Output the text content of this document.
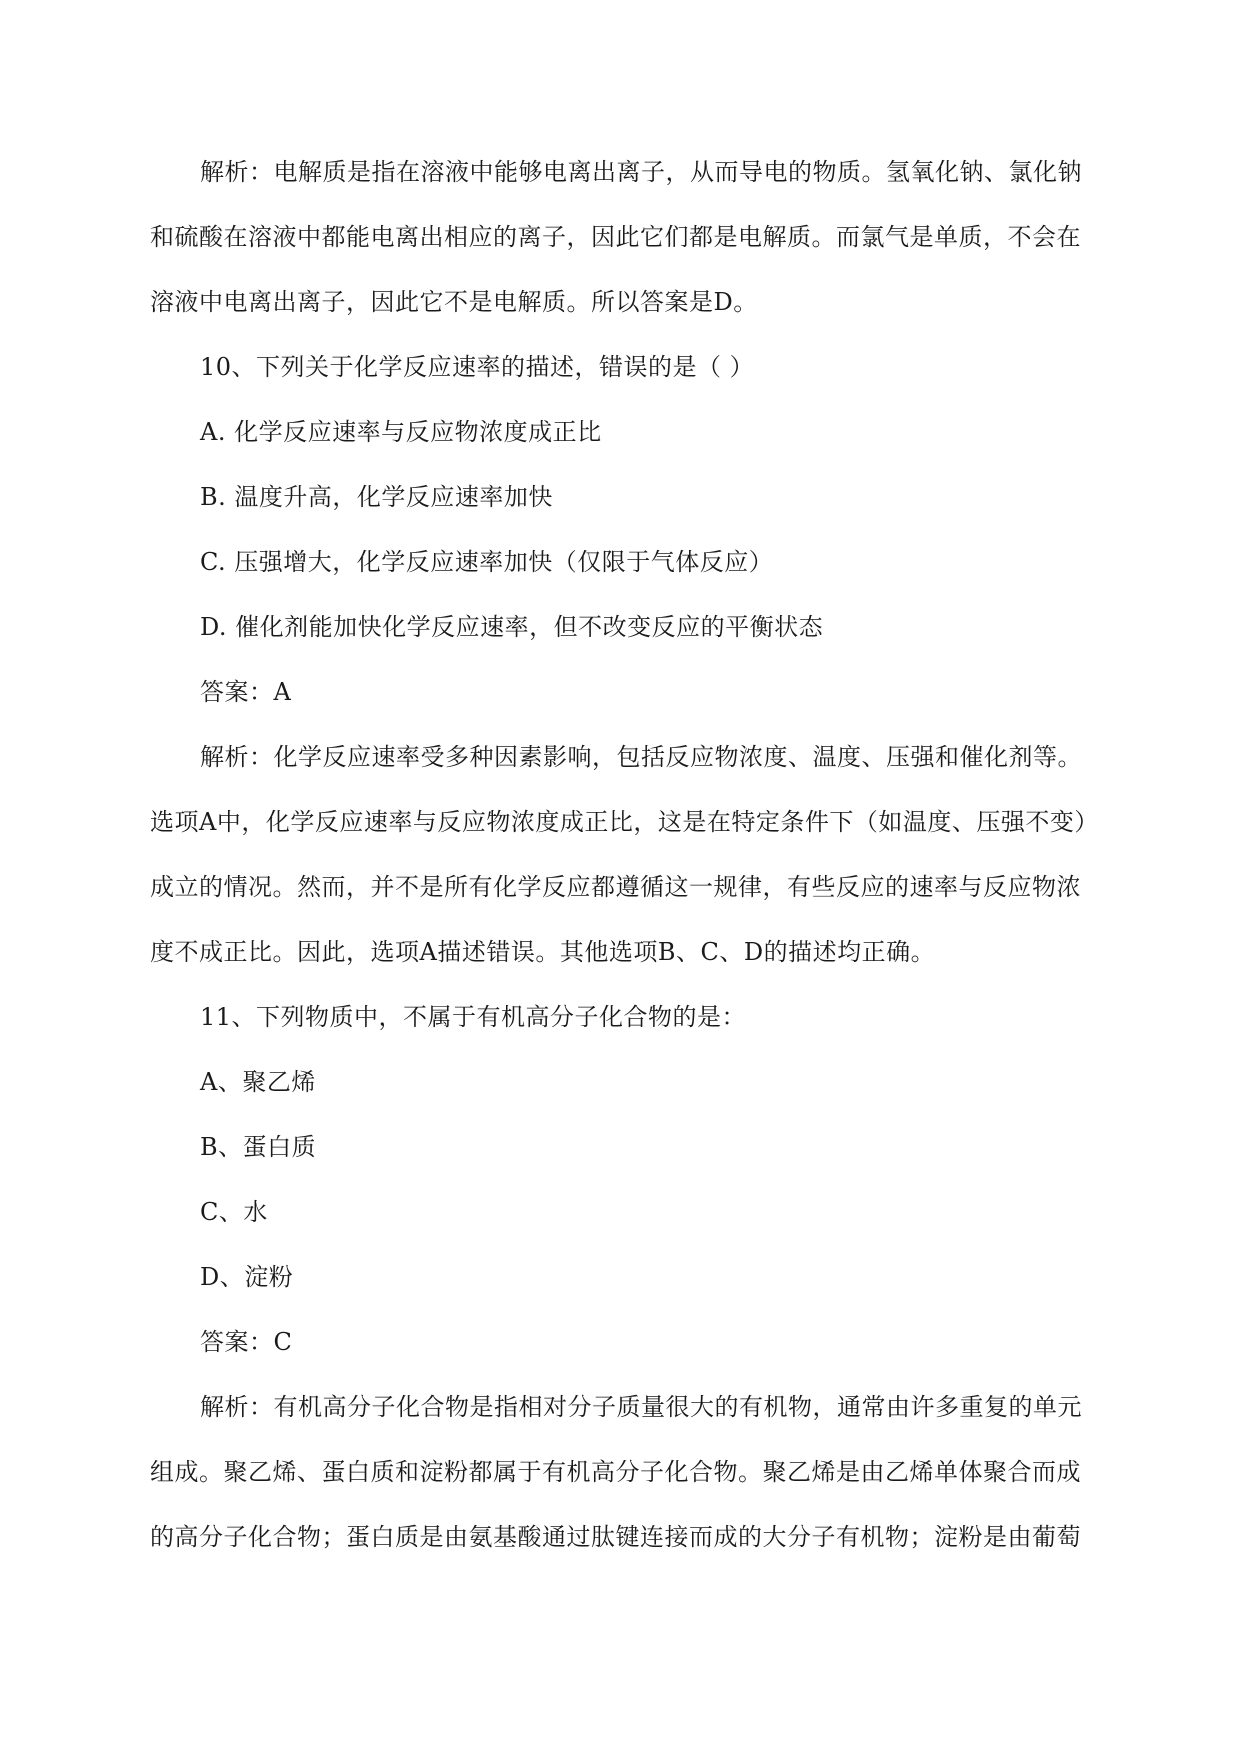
解析：电解质是指在溶液中能够电离出离子，从而导电的物质。氢氧化钠、氯化钠和硫酸在溶液中都能电离出相应的离子，因此它们都是电解质。而氯气是单质，不会在溶液中电离出离子，因此它不是电解质。所以答案是D。

10、下列关于化学反应速率的描述，错误的是（ ）

A. 化学反应速率与反应物浓度成正比

B. 温度升高，化学反应速率加快

C. 压强增大，化学反应速率加快（仅限于气体反应）

D. 催化剂能加快化学反应速率，但不改变反应的平衡状态

答案：A

解析：化学反应速率受多种因素影响，包括反应物浓度、温度、压强和催化剂等。选项A中，化学反应速率与反应物浓度成正比，这是在特定条件下（如温度、压强不变）成立的情况。然而，并不是所有化学反应都遵循这一规律，有些反应的速率与反应物浓度不成正比。因此，选项A描述错误。其他选项B、C、D的描述均正确。

11、下列物质中，不属于有机高分子化合物的是：

A、聚乙烯

B、蛋白质

C、水

D、淀粉

答案：C

解析：有机高分子化合物是指相对分子质量很大的有机物，通常由许多重复的单元组成。聚乙烯、蛋白质和淀粉都属于有机高分子化合物。聚乙烯是由乙烯单体聚合而成的高分子化合物；蛋白质是由氨基酸通过肽键连接而成的大分子有机物；淀粉是由葡萄
